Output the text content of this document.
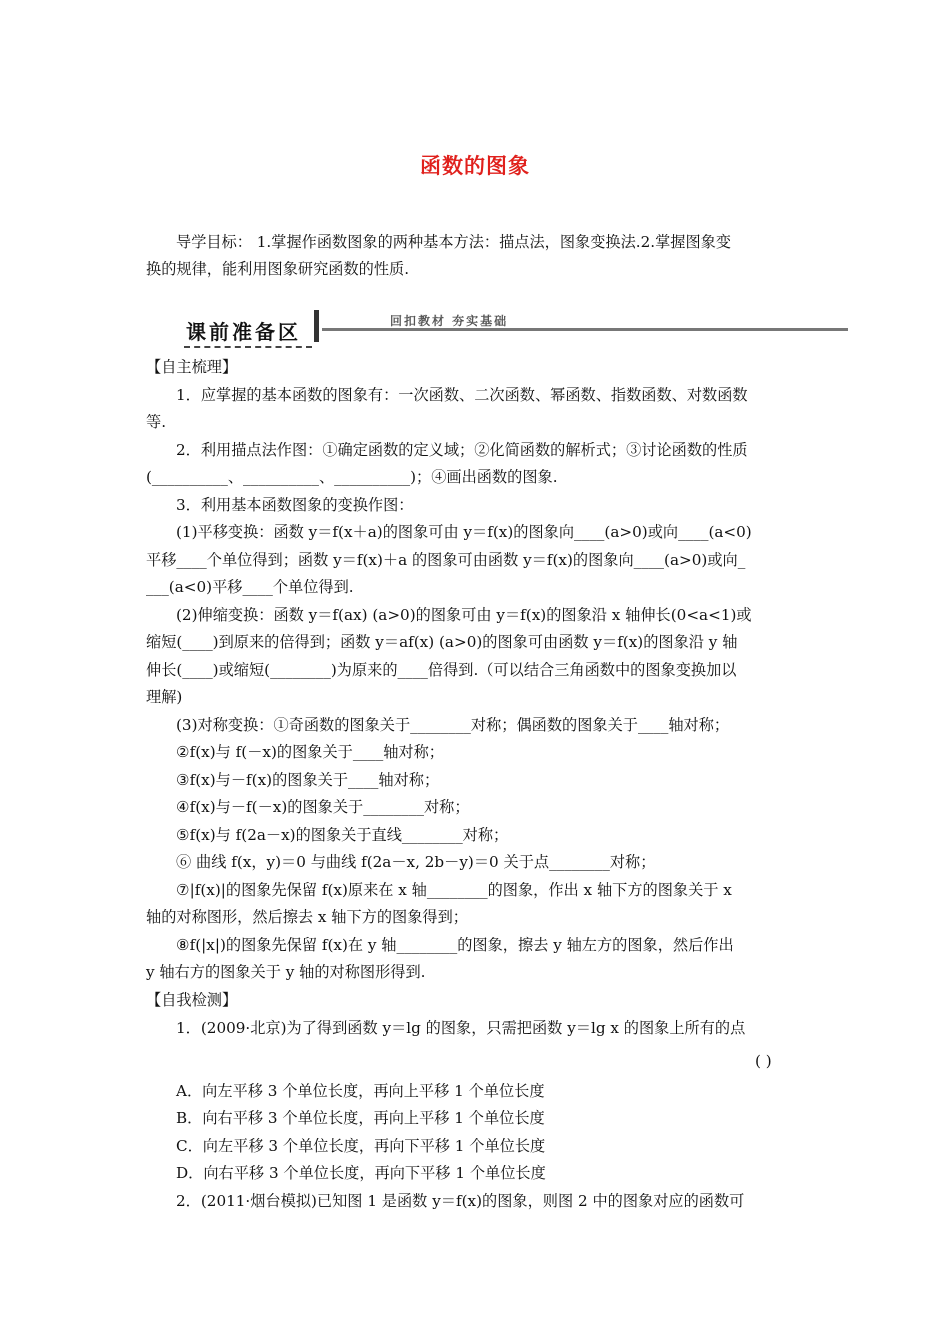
函数的图象
导学目标： 1.掌握作函数图象的两种基本方法：描点法，图象变换法.2.掌握图象变
换的规律，能利用图象研究函数的性质.
课前准备区	回扣教材 夯实基础
【自主梳理】
1．应掌握的基本函数的图象有：一次函数、二次函数、幂函数、指数函数、对数函数
等.
2．利用描点法作图：①确定函数的定义域；②化简函数的解析式；③讨论函数的性质
(__________、__________、__________)；④画出函数的图象.
3．利用基本函数图象的变换作图：
(1)平移变换：函数 y＝f(x＋a)的图象可由 y＝f(x)的图象向____(a>0)或向____(a<0)
平移____个单位得到；函数 y＝f(x)＋a 的图象可由函数 y＝f(x)的图象向____(a>0)或向_
___(a<0)平移____个单位得到.
(2)伸缩变换：函数 y＝f(ax) (a>0)的图象可由 y＝f(x)的图象沿 x 轴伸长(0<a<1)或
缩短(____)到原来的倍得到；函数 y＝af(x) (a>0)的图象可由函数 y＝f(x)的图象沿 y 轴
伸长(____)或缩短(________)为原来的____倍得到.（可以结合三角函数中的图象变换加以
理解)
(3)对称变换：①奇函数的图象关于________对称；偶函数的图象关于____轴对称；
②f(x)与 f(－x)的图象关于____轴对称；
③f(x)与－f(x)的图象关于____轴对称；
④f(x)与－f(－x)的图象关于________对称；
⑤f(x)与 f(2a－x)的图象关于直线________对称；
⑥ 曲线 f(x，y)＝0 与曲线 f(2a－x, 2b－y)＝0 关于点________对称；
⑦|f(x)|的图象先保留 f(x)原来在 x 轴________的图象，作出 x 轴下方的图象关于 x
轴的对称图形，然后擦去 x 轴下方的图象得到；
⑧f(|x|)的图象先保留 f(x)在 y 轴________的图象，擦去 y 轴左方的图象，然后作出
y 轴右方的图象关于 y 轴的对称图形得到.
【自我检测】
1．(2009·北京)为了得到函数 y＝lg 的图象，只需把函数 y＝lg x 的图象上所有的点
( )
A．向左平移 3 个单位长度，再向上平移 1 个单位长度
B．向右平移 3 个单位长度，再向上平移 1 个单位长度
C．向左平移 3 个单位长度，再向下平移 1 个单位长度
D．向右平移 3 个单位长度，再向下平移 1 个单位长度
2．(2011·烟台模拟)已知图 1 是函数 y＝f(x)的图象，则图 2 中的图象对应的函数可
